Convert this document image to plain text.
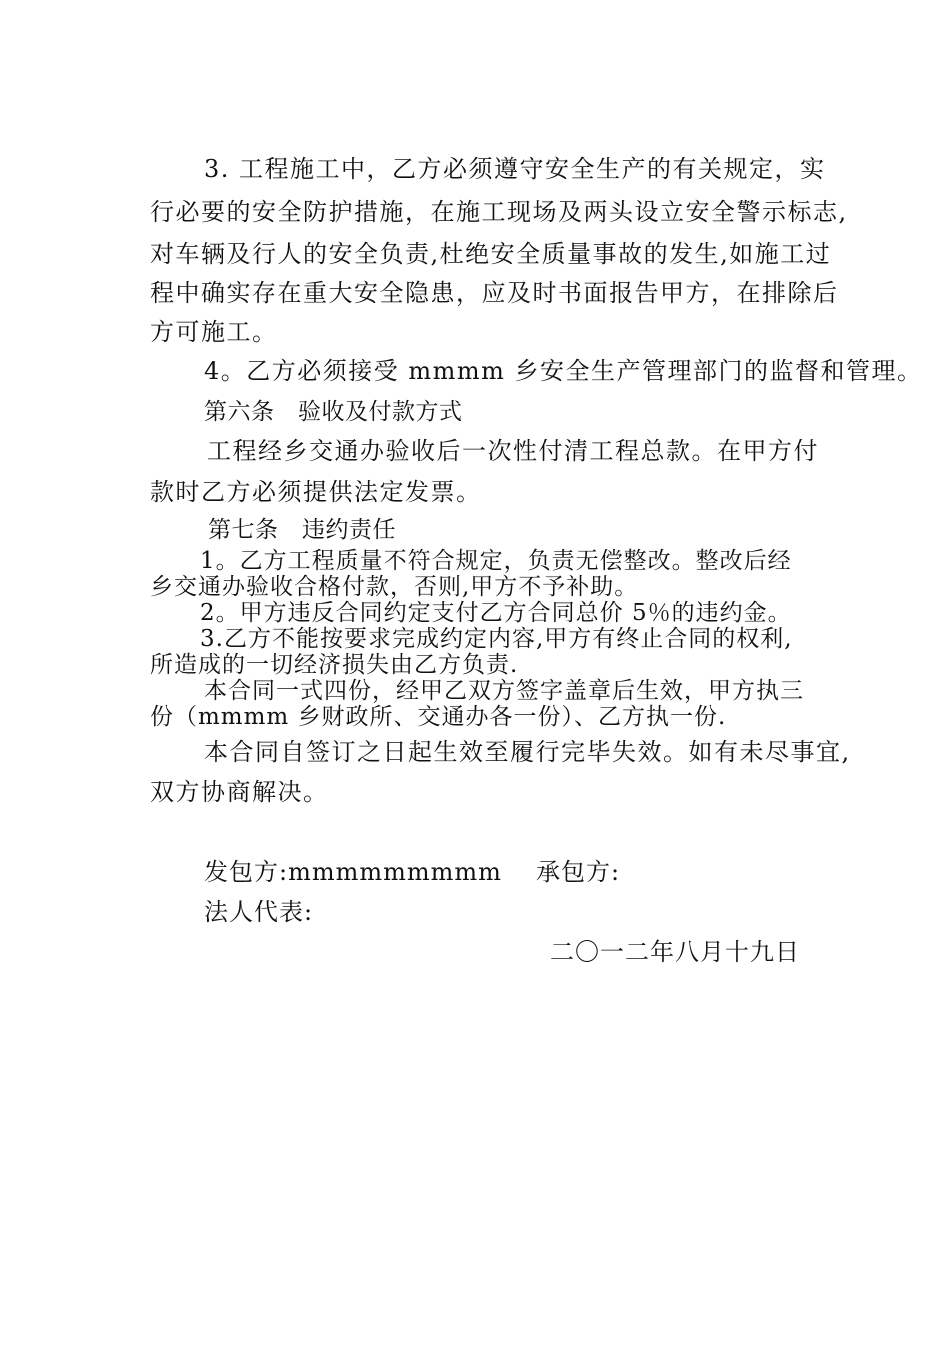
3. 工程施工中，乙方必须遵守安全生产的有关规定，实
行必要的安全防护措施，在施工现场及两头设立安全警示标志,
对车辆及行人的安全负责,杜绝安全质量事故的发生,如施工过
程中确实存在重大安全隐患，应及时书面报告甲方，在排除后
方可施工。
4。乙方必须接受 mmmm 乡安全生产管理部门的监督和管理。
第六条　验收及付款方式
工程经乡交通办验收后一次性付清工程总款。在甲方付
款时乙方必须提供法定发票。
第七条　违约责任
1。乙方工程质量不符合规定，负责无偿整改。整改后经
乡交通办验收合格付款，否则,甲方不予补助。
2。甲方违反合同约定支付乙方合同总价 5％的违约金。
3.乙方不能按要求完成约定内容,甲方有终止合同的权利,
所造成的一切经济损失由乙方负责.
本合同一式四份，经甲乙双方签字盖章后生效，甲方执三
份（mmmm 乡财政所、交通办各一份）、乙方执一份.
本合同自签订之日起生效至履行完毕失效。如有未尽事宜,
双方协商解决。
发包方:mmmmmmmmm 承包方:
法人代表:
二〇一二年八月十九日
